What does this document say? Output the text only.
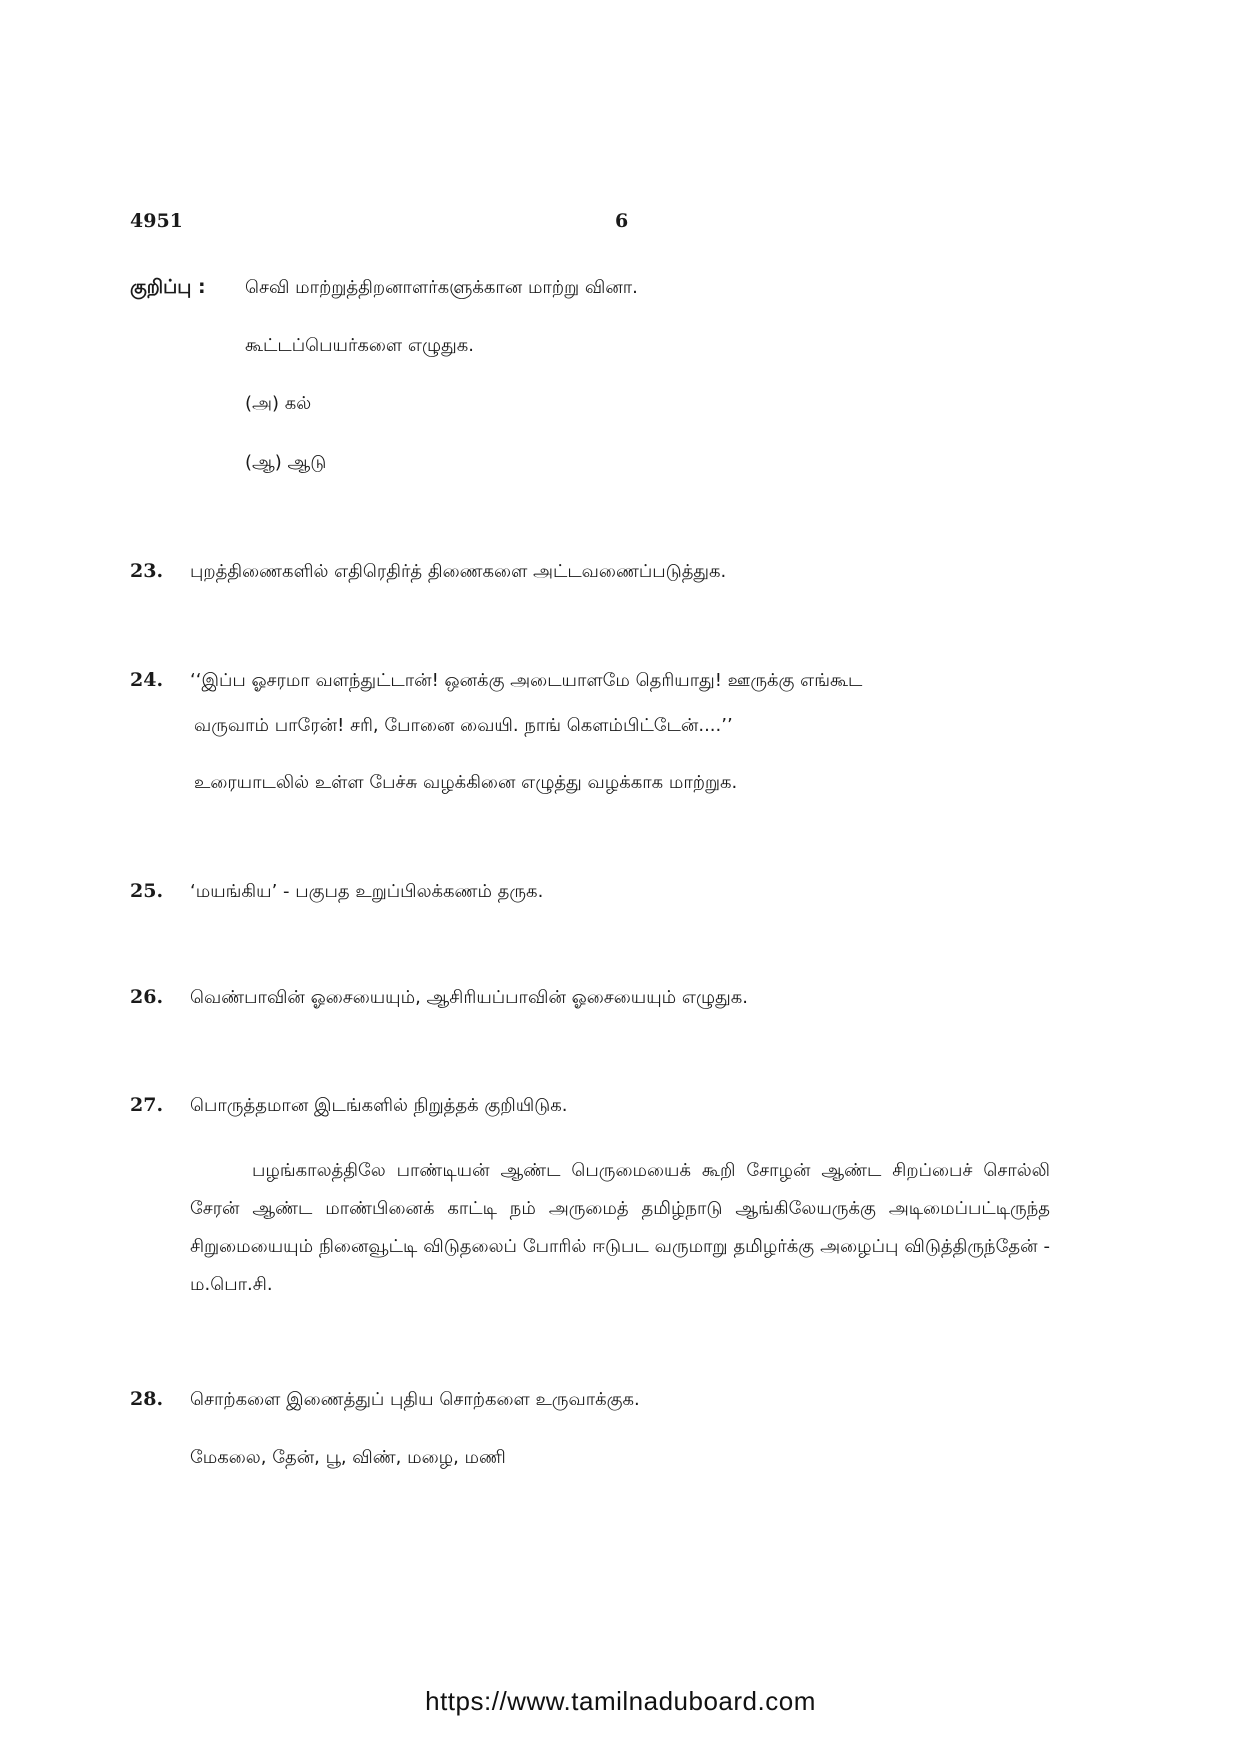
4951	6
குறிப்பு : செவி மாற்றுத்திறனாளர்களுக்கான மாற்று வினா.
கூட்டப்பெயர்களை எழுதுக.
(அ) கல்
(ஆ) ஆடு
23. புறத்திணைகளில் எதிரெதிர்த் திணைகளை அட்டவணைப்படுத்துக.
24. ‘‘இப்ப ஓசரமா வளந்துட்டான்! ஒனக்கு அடையாளமே தெரியாது! ஊருக்கு எங்கூட
வருவாம் பாரேன்! சரி, போனை வையி. நாங் கௌம்பிட்டேன்....’’
உரையாடலில் உள்ள பேச்சு வழக்கினை எழுத்து வழக்காக மாற்றுக.
25. ‘மயங்கிய’ - பகுபத உறுப்பிலக்கணம் தருக.
26. வெண்பாவின் ஓசையையும், ஆசிரியப்பாவின் ஓசையையும் எழுதுக.
27. பொருத்தமான இடங்களில் நிறுத்தக் குறியிடுக.
பழங்காலத்திலே பாண்டியன் ஆண்ட பெருமையைக் கூறி சோழன் ஆண்ட சிறப்பைச் சொல்லி சேரன் ஆண்ட மாண்பினைக் காட்டி நம் அருமைத் தமிழ்நாடு ஆங்கிலேயருக்கு அடிமைப்பட்டிருந்த சிறுமையையும் நினைவூட்டி விடுதலைப் போரில் ஈடுபட வருமாறு தமிழர்க்கு அழைப்பு விடுத்திருந்தேன் - ம.பொ.சி.
28. சொற்களை இணைத்துப் புதிய சொற்களை உருவாக்குக.
மேகலை, தேன், பூ, விண், மழை, மணி
https://www.tamilnaduboard.com
